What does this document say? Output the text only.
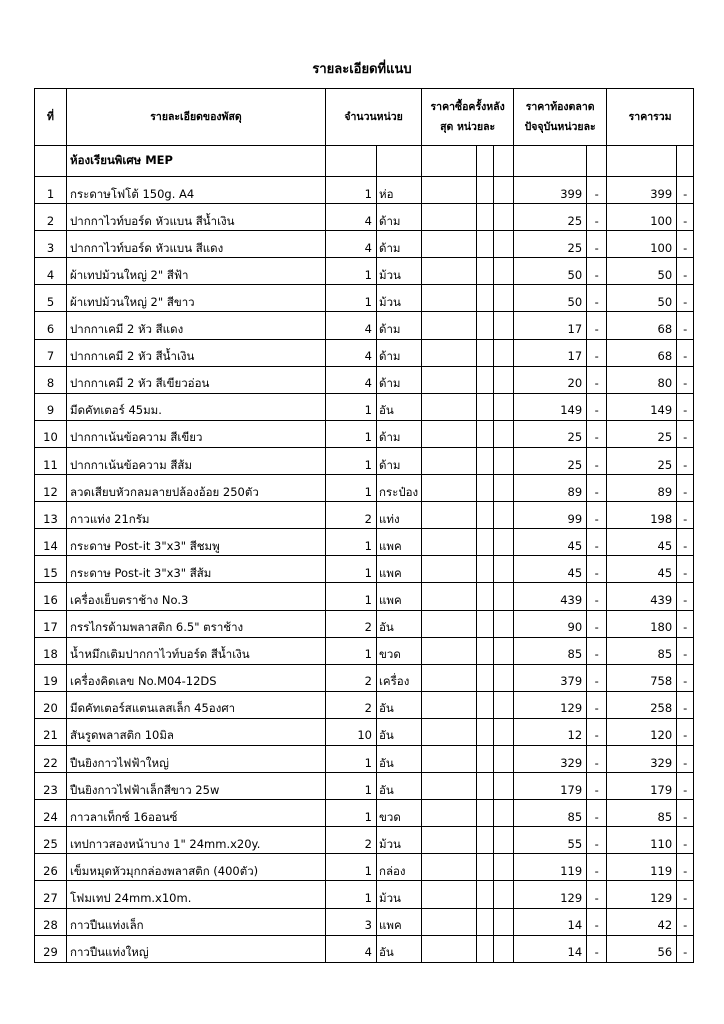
รายละเอียดที่แนบ
ที่	รายละเอียดของพัสดุ	จำนวนหน่วย		ราคาซื้อครั้งหลังสุด หน่วยละ			ราคาท้องตลาด ปัจจุบันหน่วยละ		ราคารวม	
	ห้องเรียนพิเศษ MEP									
1	กระดาษโฟโต้ 150g. A4	1	ห่อ				399	-	399	-
2	ปากกาไวท์บอร์ด หัวแบน สีน้ำเงิน	4	ด้าม				25	-	100	-
3	ปากกาไวท์บอร์ด หัวแบน สีแดง	4	ด้าม				25	-	100	-
4	ผ้าเทปม้วนใหญ่ 2" สีฟ้า	1	ม้วน				50	-	50	-
5	ผ้าเทปม้วนใหญ่ 2" สีขาว	1	ม้วน				50	-	50	-
6	ปากกาเคมี 2 หัว สีแดง	4	ด้าม				17	-	68	-
7	ปากกาเคมี 2 หัว สีน้ำเงิน	4	ด้าม				17	-	68	-
8	ปากกาเคมี 2 หัว สีเขียวอ่อน	4	ด้าม				20	-	80	-
9	มีดคัทเตอร์ 45มม.	1	อัน				149	-	149	-
10	ปากกาเน้นข้อความ สีเขียว	1	ด้าม				25	-	25	-
11	ปากกาเน้นข้อความ สีส้ม	1	ด้าม				25	-	25	-
12	ลวดเสียบหัวกลมลายปล้องอ้อย 250ตัว	1	กระป๋อง				89	-	89	-
13	กาวแท่ง 21กรัม	2	แท่ง				99	-	198	-
14	กระดาษ Post-it 3"x3" สีชมพู	1	แพค				45	-	45	-
15	กระดาษ Post-it 3"x3" สีส้ม	1	แพค				45	-	45	-
16	เครื่องเย็บตราช้าง No.3	1	แพค				439	-	439	-
17	กรรไกรด้ามพลาสติก 6.5" ตราช้าง	2	อัน				90	-	180	-
18	น้ำหมึกเติมปากกาไวท์บอร์ด สีน้ำเงิน	1	ขวด				85	-	85	-
19	เครื่องคิดเลข No.M04-12DS	2	เครื่อง				379	-	758	-
20	มีดคัทเตอร์สแตนเลสเล็ก 45องศา	2	อัน				129	-	258	-
21	สันรูดพลาสติก 10มิล	10	อัน				12	-	120	-
22	ปืนยิงกาวไฟฟ้าใหญ่	1	อัน				329	-	329	-
23	ปืนยิงกาวไฟฟ้าเล็กสีขาว 25w	1	อัน				179	-	179	-
24	กาวลาเท็กซ์ 16ออนซ์	1	ขวด				85	-	85	-
25	เทปกาวสองหน้าบาง 1" 24mm.x20y.	2	ม้วน				55	-	110	-
26	เข็มหมุดหัวมุกกล่องพลาสติก (400ตัว)	1	กล่อง				119	-	119	-
27	โฟมเทป 24mm.x10m.	1	ม้วน				129	-	129	-
28	กาวปืนแท่งเล็ก	3	แพค				14	-	42	-
29	กาวปืนแท่งใหญ่	4	อัน				14	-	56	-
